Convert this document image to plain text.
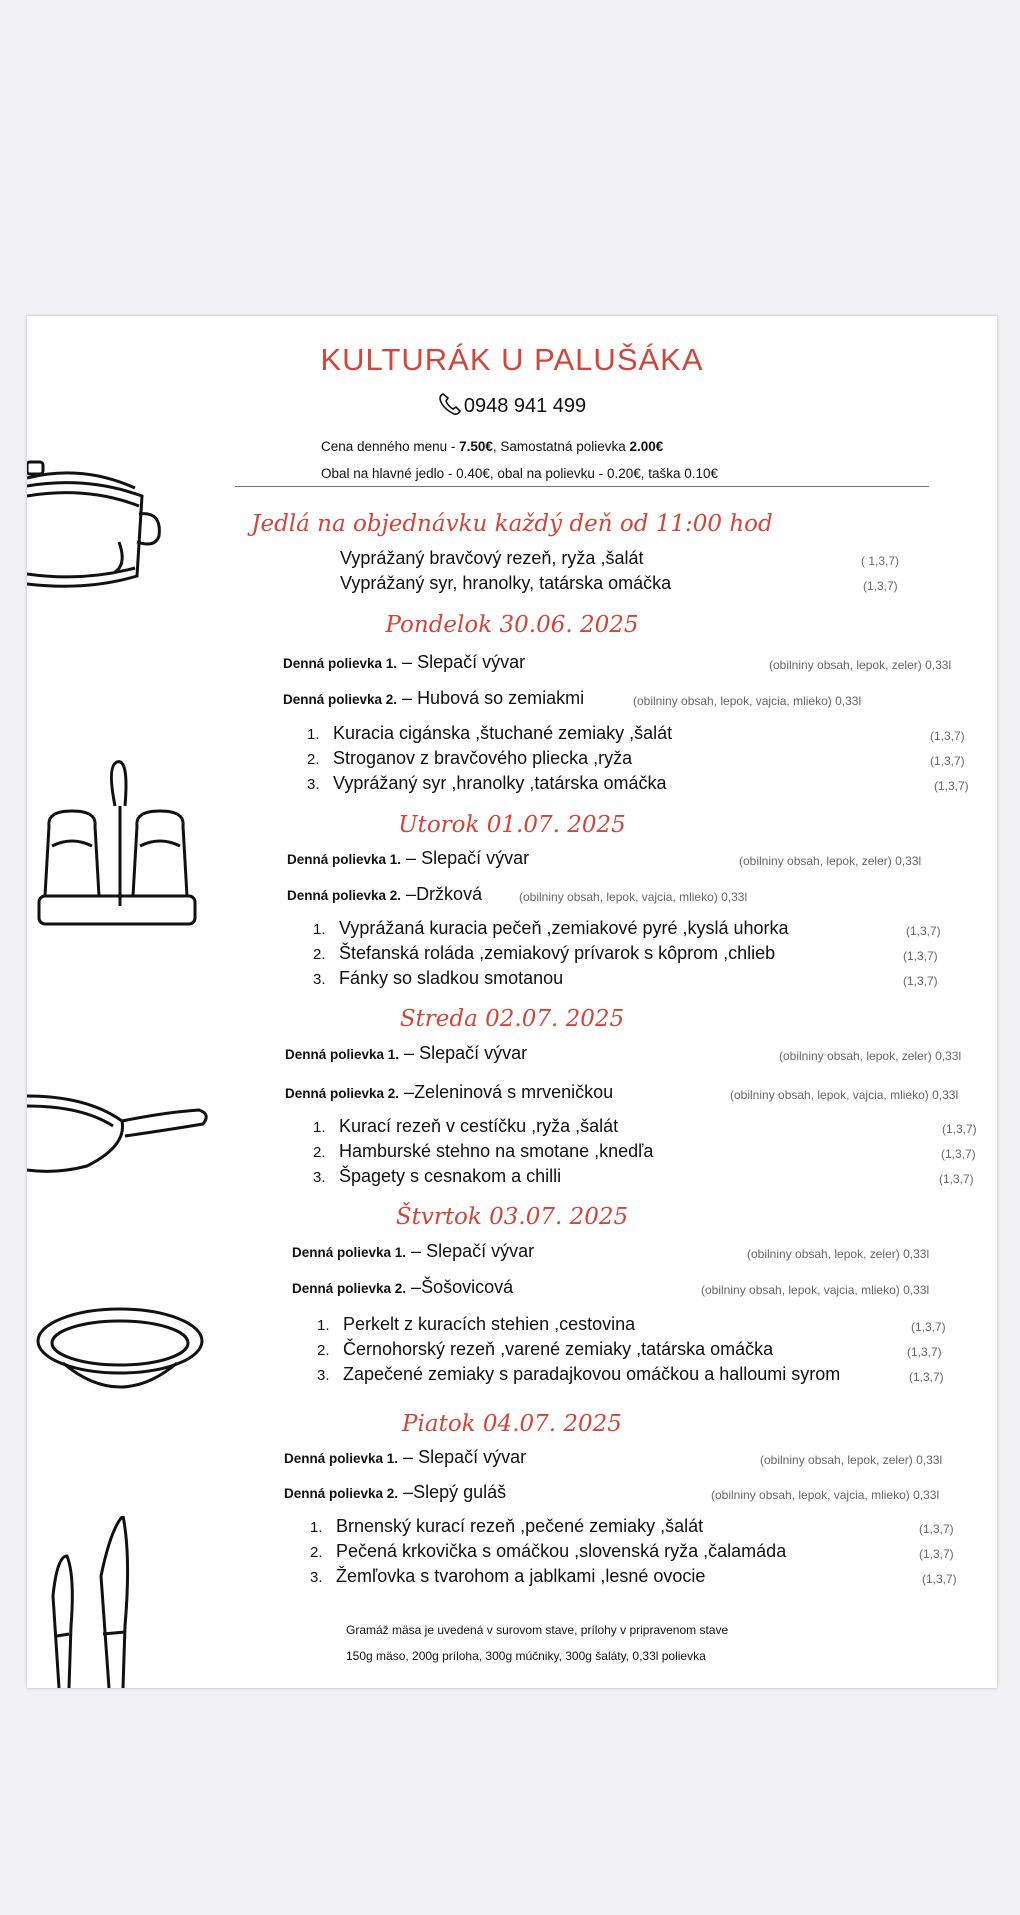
KULTURÁK U PALUŠÁKA
0948 941 499
Cena denného menu - 7.50€, Samostatná polievka 2.00€
Obal na hlavné jedlo - 0.40€, obal na polievku - 0.20€, taška 0.10€
Jedlá na objednávku každý deň od 11:00 hod
Vyprážaný bravčový rezeň, ryža ,šalát	( 1,3,7)
Vyprážaný syr, hranolky, tatárska omáčka	(1,3,7)
Pondelok 30.06. 2025
Denná polievka 1. – Slepačí vývar	(obilniny obsah, lepok, zeler) 0,33l
Denná polievka 2. – Hubová so zemiakmi	(obilniny obsah, lepok, vajcia, mlieko) 0,33l
1. Kuracia cigánska ,štuchané zemiaky ,šalát	(1,3,7)
2. Stroganov z bravčového pliecka ,ryža	(1,3,7)
3. Vyprážaný syr ,hranolky ,tatárska omáčka	(1,3,7)
Utorok 01.07. 2025
Denná polievka 1. – Slepačí vývar	(obilniny obsah, lepok, zeler) 0,33l
Denná polievka 2. –Držková	(obilniny obsah, lepok, vajcia, mlieko) 0,33l
1. Vyprážaná kuracia pečeň ,zemiakové pyré ,kyslá uhorka	(1,3,7)
2. Štefanská roláda ,zemiakový prívarok s kôprom ,chlieb	(1,3,7)
3. Fánky so sladkou smotanou	(1,3,7)
Streda 02.07. 2025
Denná polievka 1. – Slepačí vývar	(obilniny obsah, lepok, zeler) 0,33l
Denná polievka 2. –Zeleninová s mrveničkou	(obilniny obsah, lepok, vajcia, mlieko) 0,33l
1. Kurací rezeň v cestíčku ,ryža ,šalát	(1,3,7)
2. Hamburské stehno na smotane ,knedľa	(1,3,7)
3. Špagety s cesnakom a chilli	(1,3,7)
Štvrtok 03.07. 2025
Denná polievka 1. – Slepačí vývar	(obilniny obsah, lepok, zeler) 0,33l
Denná polievka 2. –Šošovicová	(obilniny obsah, lepok, vajcia, mlieko) 0,33l
1. Perkelt z kuracích stehien ,cestovina	(1,3,7)
2. Černohorský rezeň ,varené zemiaky ,tatárska omáčka	(1,3,7)
3. Zapečené zemiaky s paradajkovou omáčkou a halloumi syrom	(1,3,7)
Piatok 04.07. 2025
Denná polievka 1. – Slepačí vývar	(obilniny obsah, lepok, zeler) 0,33l
Denná polievka 2. –Slepý guláš	(obilniny obsah, lepok, vajcia, mlieko) 0,33l
1. Brnenský kurací rezeň ,pečené zemiaky ,šalát	(1,3,7)
2. Pečená krkovička s omáčkou ,slovenská ryža ,čalamáda	(1,3,7)
3. Žemľovka s tvarohom a jablkami ,lesné ovocie	(1,3,7)
Gramáž mäsa je uvedená v surovom stave, prílohy v pripravenom stave
150g mäso, 200g príloha, 300g múčniky, 300g šaláty, 0,33l polievka
